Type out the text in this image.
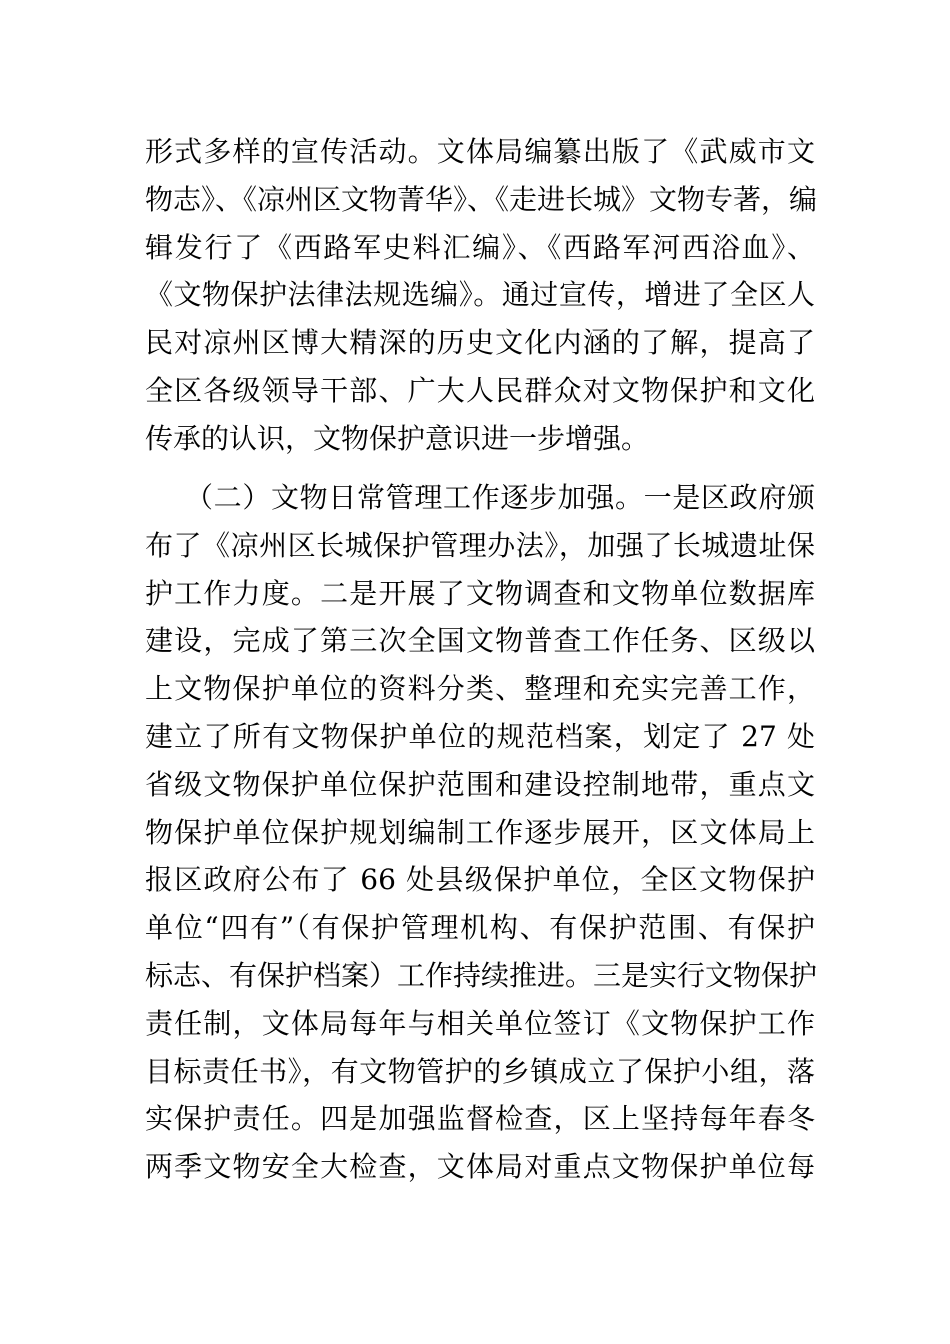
形式多样的宣传活动。文体局编纂出版了《武威市文
物志》、《凉州区文物菁华》、《走进长城》文物专著，编
辑发行了《西路军史料汇编》、《西路军河西浴血》、
《文物保护法律法规选编》。通过宣传，增进了全区人
民对凉州区博大精深的历史文化内涵的了解，提高了
全区各级领导干部、广大人民群众对文物保护和文化
传承的认识，文物保护意识进一步增强。
（二）文物日常管理工作逐步加强。一是区政府颁
布了《凉州区长城保护管理办法》，加强了长城遗址保
护工作力度。二是开展了文物调查和文物单位数据库
建设，完成了第三次全国文物普查工作任务、区级以
上文物保护单位的资料分类、整理和充实完善工作，
建立了所有文物保护单位的规范档案，划定了 27 处
省级文物保护单位保护范围和建设控制地带，重点文
物保护单位保护规划编制工作逐步展开，区文体局上
报区政府公布了 66 处县级保护单位，全区文物保护
单位“四有”（有保护管理机构、有保护范围、有保护
标志、有保护档案）工作持续推进。三是实行文物保护
责任制，文体局每年与相关单位签订《文物保护工作
目标责任书》，有文物管护的乡镇成立了保护小组，落
实保护责任。四是加强监督检查，区上坚持每年春冬
两季文物安全大检查，文体局对重点文物保护单位每
